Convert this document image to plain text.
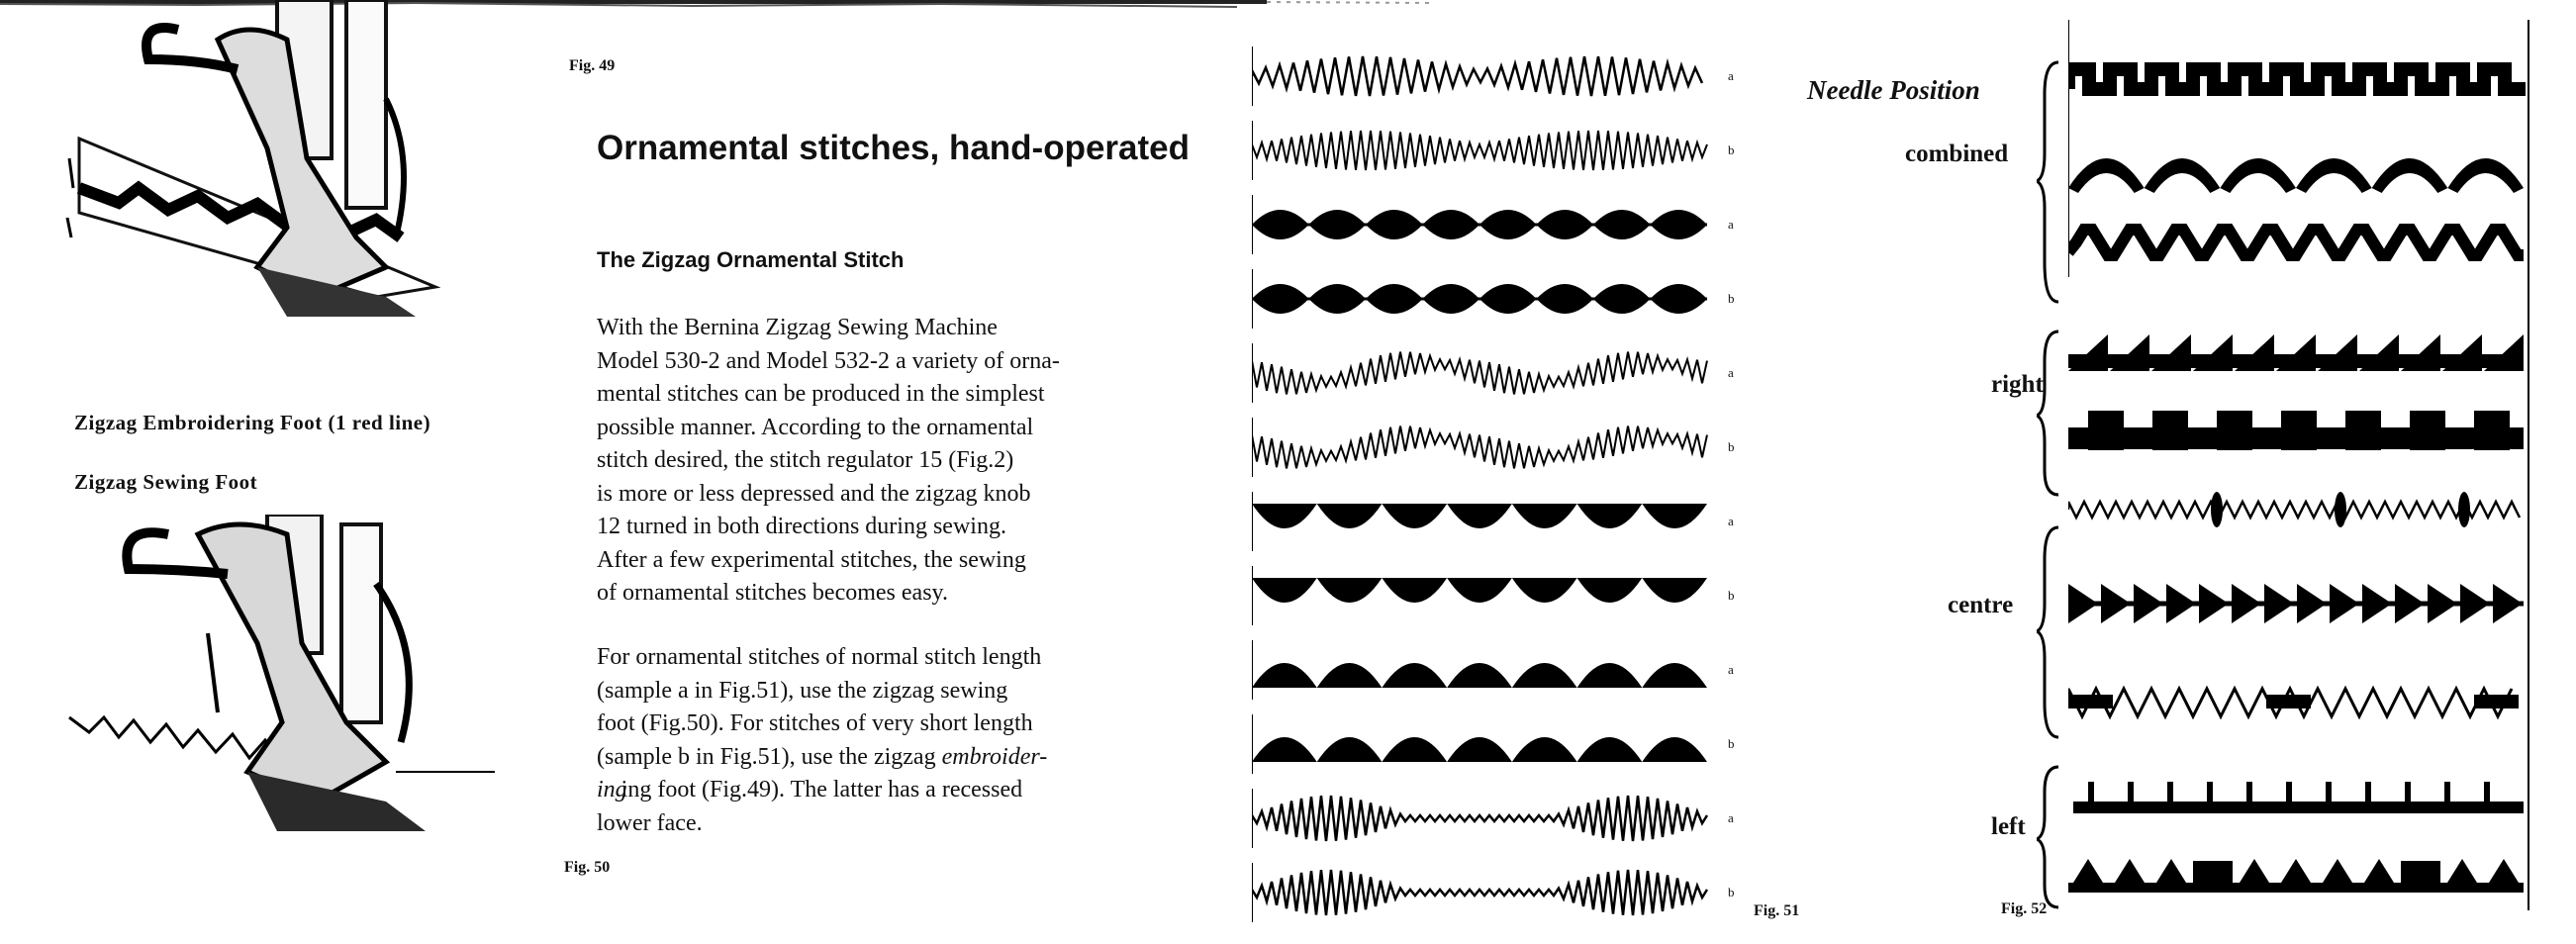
Zigzag Embroidering Foot (1 red line)
Zigzag Sewing Foot
Fig. 49
Ornamental stitches, hand-operated
The Zigzag Ornamental Stitch
With the Bernina Zigzag Sewing Machine
Model 530-2 and Model 532-2 a variety of orna-
mental stitches can be produced in the simplest
possible manner. According to the ornamental
stitch desired, the stitch regulator 15 (Fig.2)
is more or less depressed and the zigzag knob
12 turned in both directions during sewing.
After a few experimental stitches, the sewing
of ornamental stitches becomes easy.
For ornamental stitches of normal stitch length
(sample a in Fig.51), use the zigzag sewing
foot (Fig.50). For stitches of very short length
(sample b in Fig.51), use the zigzag embroider-
inging foot (Fig.49). The latter has a recessed
lower face.
Fig. 50
a
b
a
b
a
b
a
b
a
b
a
b
Fig. 51
Needle Position
combined
right
centre
left
Fig. 52
